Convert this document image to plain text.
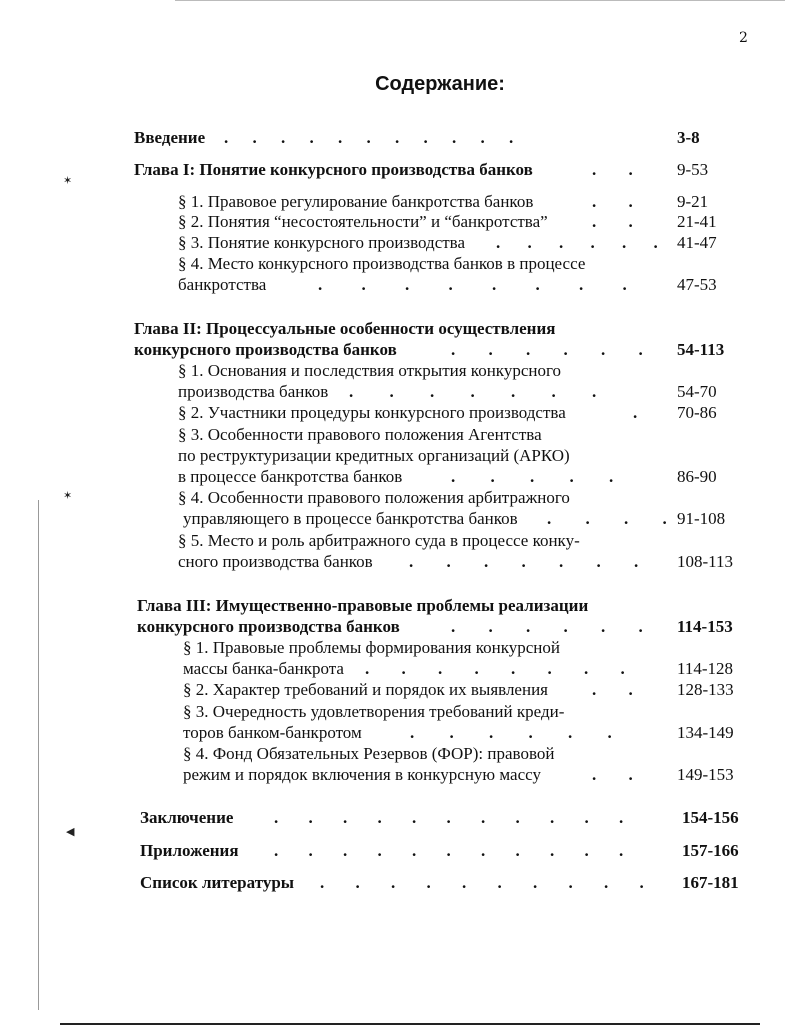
✶
✶
◀
2
Содержание:
Введение . . . . . . . . . . .	3-8
Глава I: Понятие конкурсного производства банков	. .	9-53
§ 1. Правовое регулирование банкротства банков	. .	9-21
§ 2. Понятия “несостоятельности” и “банкротства”	. .	21-41
§ 3. Понятие конкурсного производства . . . . . . 41-47
§ 4. Место конкурсного производства банков в процессе
банкротства	. . . . . . . .	47-53
Глава II: Процессуальные особенности осуществления
конкурсного производства банков	. . . . . . 54-113
§ 1. Основания и последствия открытия конкурсного
производства банков . . . . . . .	54-70
§ 2. Участники процедуры конкурсного производства	. 70-86
§ 3. Особенности правового положения Агентства
по реструктуризации кредитных организаций (АРКО)
в процессе банкротства банков	. . . . .	86-90
§ 4. Особенности правового положения арбитражного
управляющего в процессе банкротства банков . . . . 91-108
§ 5. Место и роль арбитражного суда в процессе конку-
сного производства банков . . . . . . . 108-113
Глава III: Имущественно-правовые проблемы реализации
конкурсного производства банков	. . . . . . 114-153
§ 1. Правовые проблемы формирования конкурсной
массы банка-банкрота . . . . . . . .	114-128
§ 2. Характер требований и порядок их выявления	. .	128-133
§ 3. Очередность удовлетворения требований креди-
торов банком-банкротом	. . . . . .	134-149
§ 4. Фонд Обязательных Резервов (ФОР): правовой
режим и порядок включения в конкурсную массу	. .	149-153
Заключение . . . . . . . . . . .	154-156
Приложения . . . . . . . . . . .	157-166
Список литературы . . . . . . . . . . 167-181
